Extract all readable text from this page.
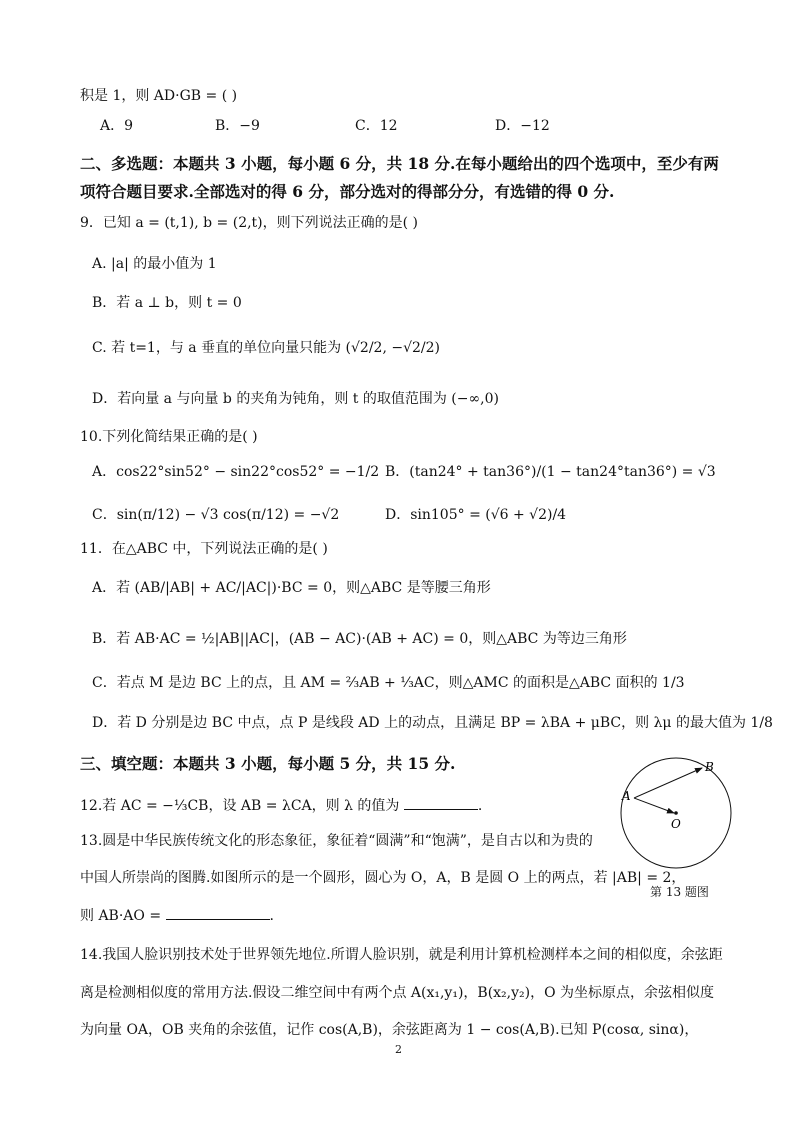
积是 1，则 AD·GB = ( )
A．9	B．−9	C．12	D．−12
二、多选题：本题共 3 小题，每小题 6 分，共 18 分.在每小题给出的四个选项中，至少有两
项符合题目要求.全部选对的得 6 分，部分选对的得部分分，有选错的得 0 分.
9．已知 a = (t,1), b = (2,t)，则下列说法正确的是( )
A. |a| 的最小值为 1
B．若 a ⊥ b，则 t = 0
C. 若 t=1，与 a 垂直的单位向量只能为 (√2/2, −√2/2)
D．若向量 a 与向量 b 的夹角为钝角，则 t 的取值范围为 (−∞,0)
10.下列化简结果正确的是( )
A．cos22°sin52° − sin22°cos52° = −1/2 B．(tan24° + tan36°)/(1 − tan24°tan36°) = √3
C．sin(π/12) − √3 cos(π/12) = −√2	D．sin105° = (√6 + √2)/4
11．在△ABC 中，下列说法正确的是( )
A．若 (AB/|AB| + AC/|AC|)·BC = 0，则△ABC 是等腰三角形
B．若 AB·AC = ½|AB||AC|，(AB − AC)·(AB + AC) = 0，则△ABC 为等边三角形
C．若点 M 是边 BC 上的点，且 AM = ⅔AB + ⅓AC，则△AMC 的面积是△ABC 面积的 1/3
D．若 D 分别是边 BC 中点，点 P 是线段 AD 上的动点，且满足 BP = λBA + μBC，则 λμ 的最大值为 1/8
三、填空题：本题共 3 小题，每小题 5 分，共 15 分.
12.若 AC = −⅓CB，设 AB = λCA，则 λ 的值为	.
13.圆是中华民族传统文化的形态象征，象征着“圆满”和“饱满”，是自古以和为贵的
中国人所崇尚的图腾.如图所示的是一个圆形，圆心为 O，A，B 是圆 O 上的两点，若 |AB| = 2，
则 AB·AO =	.
A
B
O
第 13 题图
14.我国人脸识别技术处于世界领先地位.所谓人脸识别，就是利用计算机检测样本之间的相似度，余弦距
离是检测相似度的常用方法.假设二维空间中有两个点 A(x₁,y₁)，B(x₂,y₂)，O 为坐标原点，余弦相似度
为向量 OA，OB 夹角的余弦值，记作 cos(A,B)，余弦距离为 1 − cos(A,B).已知 P(cosα, sinα)，
2
